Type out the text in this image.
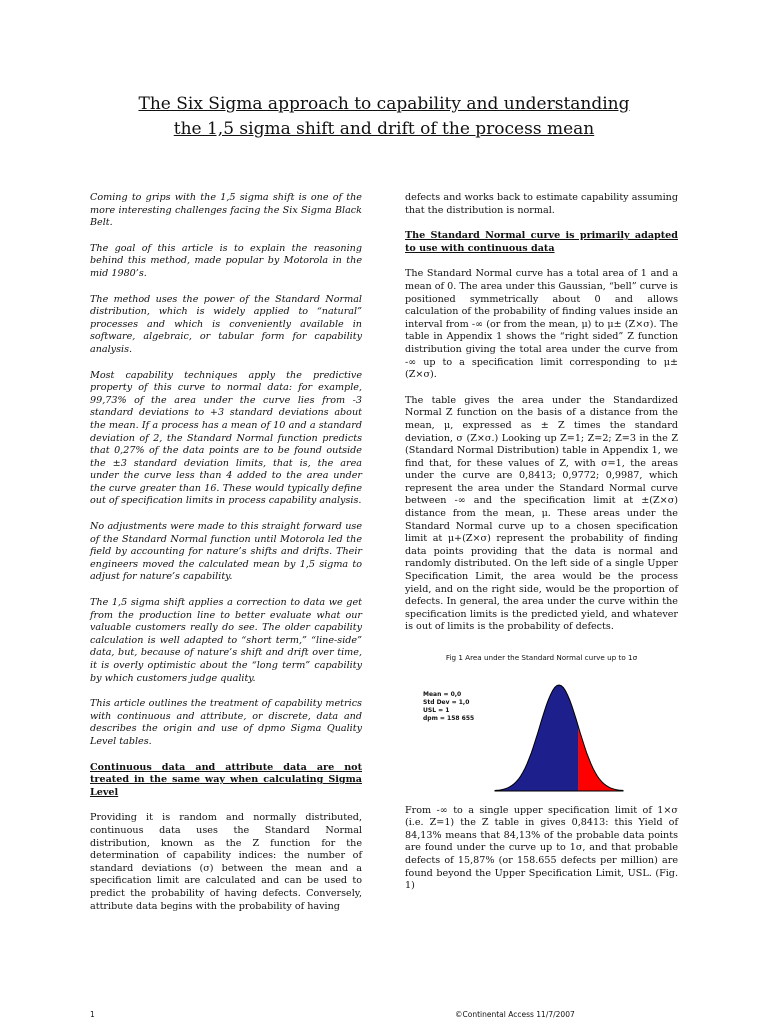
The Six Sigma approach to capability and understanding
the 1,5 sigma shift and drift of the process mean

Coming to grips with the 1,5 sigma shift is one of the more interesting challenges facing the Six Sigma Black Belt.

The goal of this article is to explain the reasoning behind this method, made popular by Motorola in the mid 1980’s.

The method uses the power of the Standard Normal distribution, which is widely applied to “natural” processes and which is conveniently available in software, algebraic, or tabular form for capability analysis.

Most capability techniques apply the predictive property of this curve to normal data: for example, 99,73% of the area under the curve lies from -3 standard deviations to +3 standard deviations about the mean. If a process has a mean of 10 and a standard deviation of 2, the Standard Normal function predicts that 0,27% of the data points are to be found outside the ±3 standard deviation limits, that is, the area under the curve less than 4 added to the area under the curve greater than 16. These would typically define out of specification limits in process capability analysis.

No adjustments were made to this straight forward use of the Standard Normal function until Motorola led the field by accounting for nature’s shifts and drifts. Their engineers moved the calculated mean by 1,5 sigma to adjust for nature’s capability.

The 1,5 sigma shift applies a correction to data we get from the production line to better evaluate what our valuable customers really do see. The older capability calculation is well adapted to “short term,” “line-side” data, but, because of nature’s shift and drift over time, it is overly optimistic about the “long term” capability by which customers judge quality.

This article outlines the treatment of capability metrics with continuous and attribute, or discrete, data and describes the origin and use of dpmo Sigma Quality Level tables.

Continuous data and attribute data are not treated in the same way when calculating Sigma Level

Providing it is random and normally distributed, continuous data uses the Standard Normal distribution, known as the Z function for the determination of capability indices: the number of standard deviations (σ) between the mean and a specification limit are calculated and can be used to predict the probability of having defects. Conversely, attribute data begins with the probability of having

defects and works back to estimate capability assuming that the distribution is normal.

The Standard Normal curve is primarily adapted to use with continuous data

The Standard Normal curve has a total area of 1 and a mean of 0. The area under this Gaussian, “bell” curve is positioned symmetrically about 0 and allows calculation of the probability of finding values inside an interval from -∞ (or from the mean, μ) to μ± (Z×σ). The table in Appendix 1 shows the “right sided” Z function distribution giving the total area under the curve from -∞ up to a specification limit corresponding to μ±(Z×σ).

The table gives the area under the Standardized Normal Z function on the basis of a distance from the mean, μ, expressed as ± Z times the standard deviation, σ (Z×σ.) Looking up Z=1; Z=2; Z=3 in the Z (Standard Normal Distribution) table in Appendix 1, we find that, for these values of Z, with σ=1, the areas under the curve are 0,8413; 0,9772; 0,9987, which represent the area under the Standard Normal curve between -∞ and the specification limit at ±(Z×σ) distance from the mean, μ. These areas under the Standard Normal curve up to a chosen specification limit at μ+(Z×σ) represent the probability of finding data points providing that the data is normal and randomly distributed. On the left side of a single Upper Specification Limit, the area would be the process yield, and on the right side, would be the proportion of defects. In general, the area under the curve within the specification limits is the predicted yield, and whatever is out of limits is the probability of defects.

Fig 1 Area under the Standard Normal curve up to 1σ
Mean = 0,0
Std Dev = 1,0
USL = 1
dpm = 158 655

From -∞ to a single upper specification limit of 1×σ (i.e. Z=1) the Z table in gives 0,8413: this Yield of 84,13% means that 84,13% of the probable data points are found under the curve up to 1σ, and that probable defects of 15,87% (or 158.655 defects per million) are found beyond the Upper Specification Limit, USL. (Fig. 1)

1	©Continental Access 11/7/2007
